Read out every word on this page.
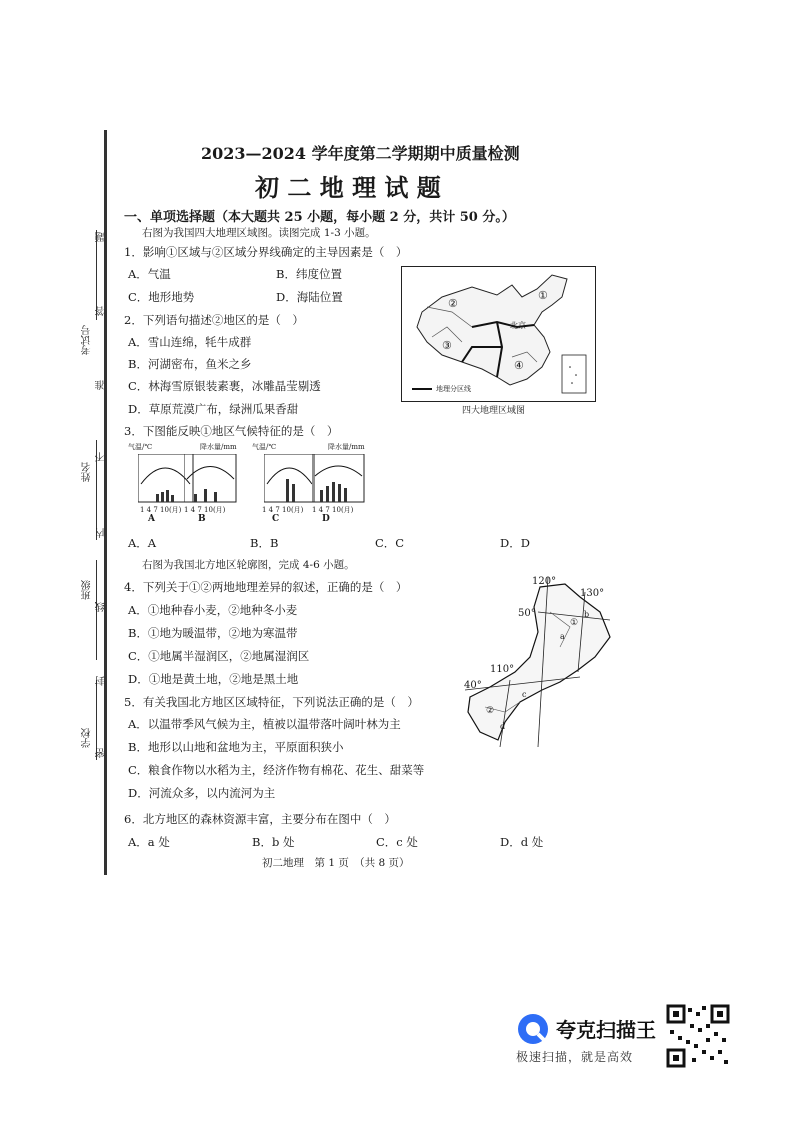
题
答
准
不
内
线
封
密
考试号
姓名
班级
学校
2023—2024 学年度第二学期期中质量检测
初 二 地 理 试 题
一、单项选择题（本大题共 25 小题，每小题 2 分，共计 50 分。）
右图为我国四大地理区域图。读图完成 1-3 小题。
1．影响①区域与②区域分界线确定的主导因素是（　）
A．气温	B．纬度位置
C．地形地势	D．海陆位置
2．下列语句描述②地区的是（　）
A．雪山连绵，牦牛成群
B．河湖密布，鱼米之乡
C．林海雪原银装素裹，冰雕晶莹剔透
D．草原荒漠广布，绿洲瓜果香甜
①
②
③
④
北京
地理分区线
四大地理区域图
3．下图能反映①地区气候特征的是（　）
气温/℃
1 4 7 10(月)
A
降水量/mm
1 4 7 10(月)
B
气温/℃
1 4 7 10(月)
C
降水量/mm
1 4 7 10(月)
D
A．A	B．B	C．C	D．D
右图为我国北方地区轮廓图，完成 4-6 小题。
4．下列关于①②两地地理差异的叙述，正确的是（　）
A．①地种春小麦，②地种冬小麦
B．①地为暖温带，②地为寒温带
C．①地属半湿润区，②地属湿润区
D．①地是黄土地，②地是黑土地
120°
130°
110°
50°
40°
①
②
a
b
c
d
5．有关我国北方地区区域特征，下列说法正确的是（　）
A．以温带季风气候为主，植被以温带落叶阔叶林为主
B．地形以山地和盆地为主，平原面积狭小
C．粮食作物以水稻为主，经济作物有棉花、花生、甜菜等
D．河流众多，以内流河为主
6．北方地区的森林资源丰富，主要分布在图中（　）
A．a 处	B．b 处	C．c 处	D．d 处
初二地理　第 1 页　（共 8 页）
夸克扫描王
极速扫描，就是高效
